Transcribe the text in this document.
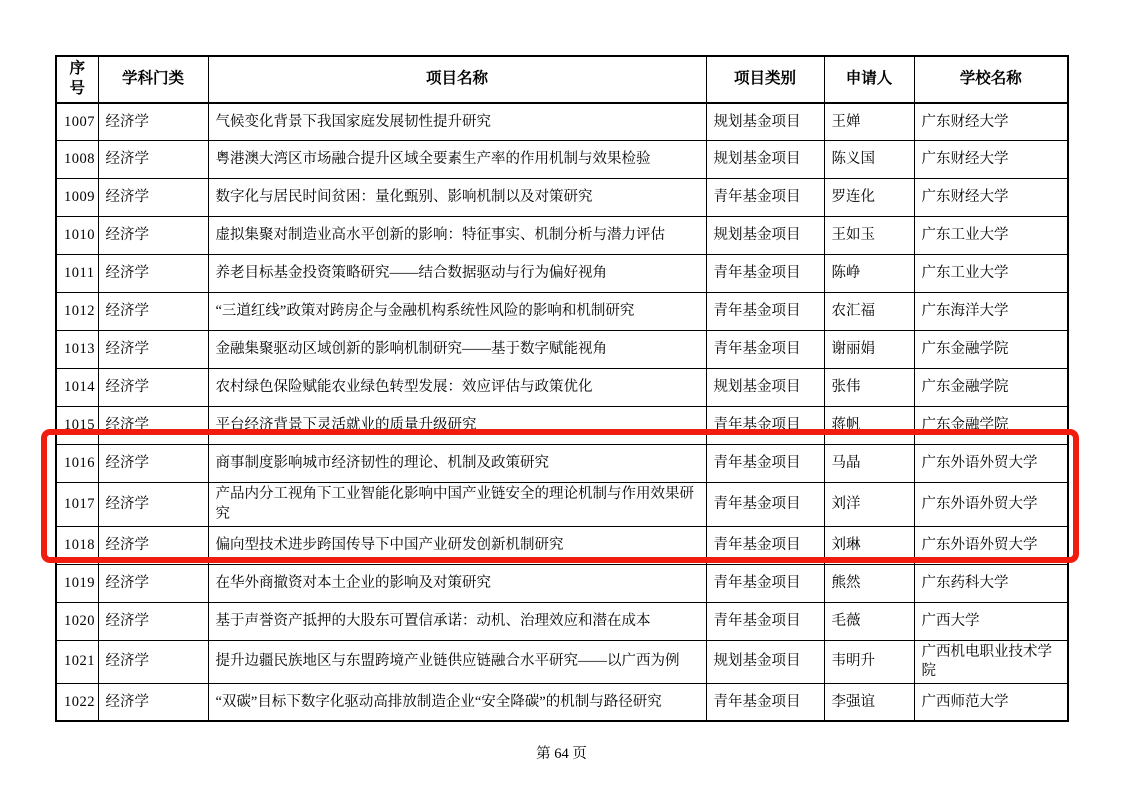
序号	学科门类	项目名称	项目类别	申请人	学校名称
1007	经济学	气候变化背景下我国家庭发展韧性提升研究	规划基金项目	王婵	广东财经大学
1008	经济学	粤港澳大湾区市场融合提升区域全要素生产率的作用机制与效果检验	规划基金项目	陈义国	广东财经大学
1009	经济学	数字化与居民时间贫困：量化甄别、影响机制以及对策研究	青年基金项目	罗连化	广东财经大学
1010	经济学	虚拟集聚对制造业高水平创新的影响：特征事实、机制分析与潜力评估	规划基金项目	王如玉	广东工业大学
1011	经济学	养老目标基金投资策略研究——结合数据驱动与行为偏好视角	青年基金项目	陈峥	广东工业大学
1012	经济学	“三道红线”政策对跨房企与金融机构系统性风险的影响和机制研究	青年基金项目	农汇福	广东海洋大学
1013	经济学	金融集聚驱动区域创新的影响机制研究——基于数字赋能视角	青年基金项目	谢丽娟	广东金融学院
1014	经济学	农村绿色保险赋能农业绿色转型发展：效应评估与政策优化	规划基金项目	张伟	广东金融学院
1015	经济学	平台经济背景下灵活就业的质量升级研究	青年基金项目	蒋帆	广东金融学院
1016	经济学	商事制度影响城市经济韧性的理论、机制及政策研究	青年基金项目	马晶	广东外语外贸大学
1017	经济学	产品内分工视角下工业智能化影响中国产业链安全的理论机制与作用效果研究	青年基金项目	刘洋	广东外语外贸大学
1018	经济学	偏向型技术进步跨国传导下中国产业研发创新机制研究	青年基金项目	刘琳	广东外语外贸大学
1019	经济学	在华外商撤资对本土企业的影响及对策研究	青年基金项目	熊然	广东药科大学
1020	经济学	基于声誉资产抵押的大股东可置信承诺：动机、治理效应和潜在成本	青年基金项目	毛薇	广西大学
1021	经济学	提升边疆民族地区与东盟跨境产业链供应链融合水平研究——以广西为例	规划基金项目	韦明升	广西机电职业技术学院
1022	经济学	“双碳”目标下数字化驱动高排放制造企业“安全降碳”的机制与路径研究	青年基金项目	李强谊	广西师范大学
第 64 页
